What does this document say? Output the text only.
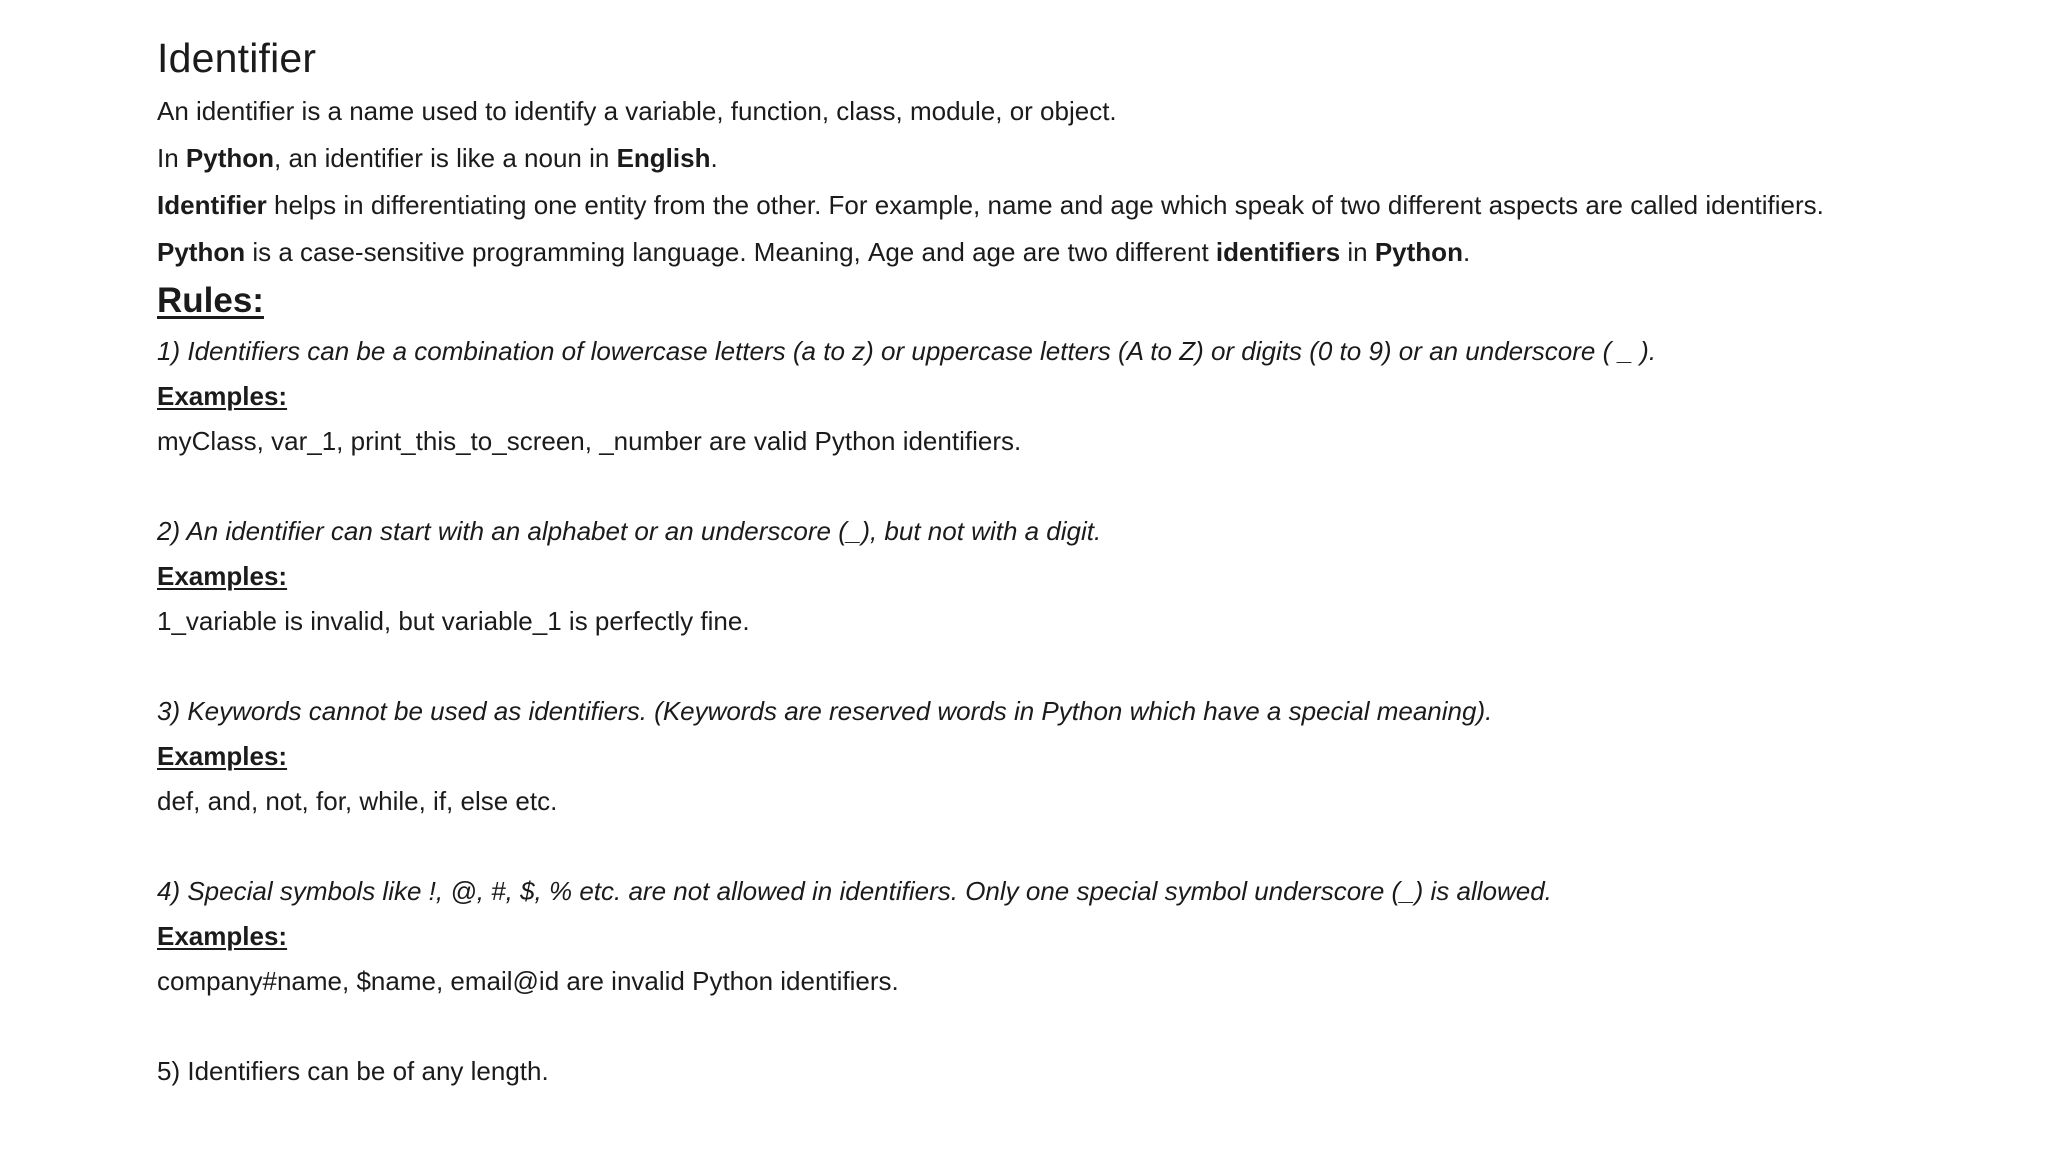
Identifier
An identifier is a name used to identify a variable, function, class, module, or object.
In Python, an identifier is like a noun in English.
Identifier helps in differentiating one entity from the other. For example, name and age which speak of two different aspects are called identifiers.
Python is a case-sensitive programming language. Meaning, Age and age are two different identifiers in Python.
Rules:
1) Identifiers can be a combination of lowercase letters (a to z) or uppercase letters (A to Z) or digits (0 to 9) or an underscore ( _ ).
Examples:
myClass, var_1, print_this_to_screen, _number are valid Python identifiers.
2) An identifier can start with an alphabet or an underscore (_), but not with a digit.
Examples:
1_variable is invalid, but variable_1 is perfectly fine.
3) Keywords cannot be used as identifiers. (Keywords are reserved words in Python which have a special meaning).
Examples:
def, and, not, for, while, if, else etc.
4) Special symbols like !, @, #, $, % etc. are not allowed in identifiers. Only one special symbol underscore (_) is allowed.
Examples:
company#name, $name, email@id are invalid Python identifiers.
5) Identifiers can be of any length.
